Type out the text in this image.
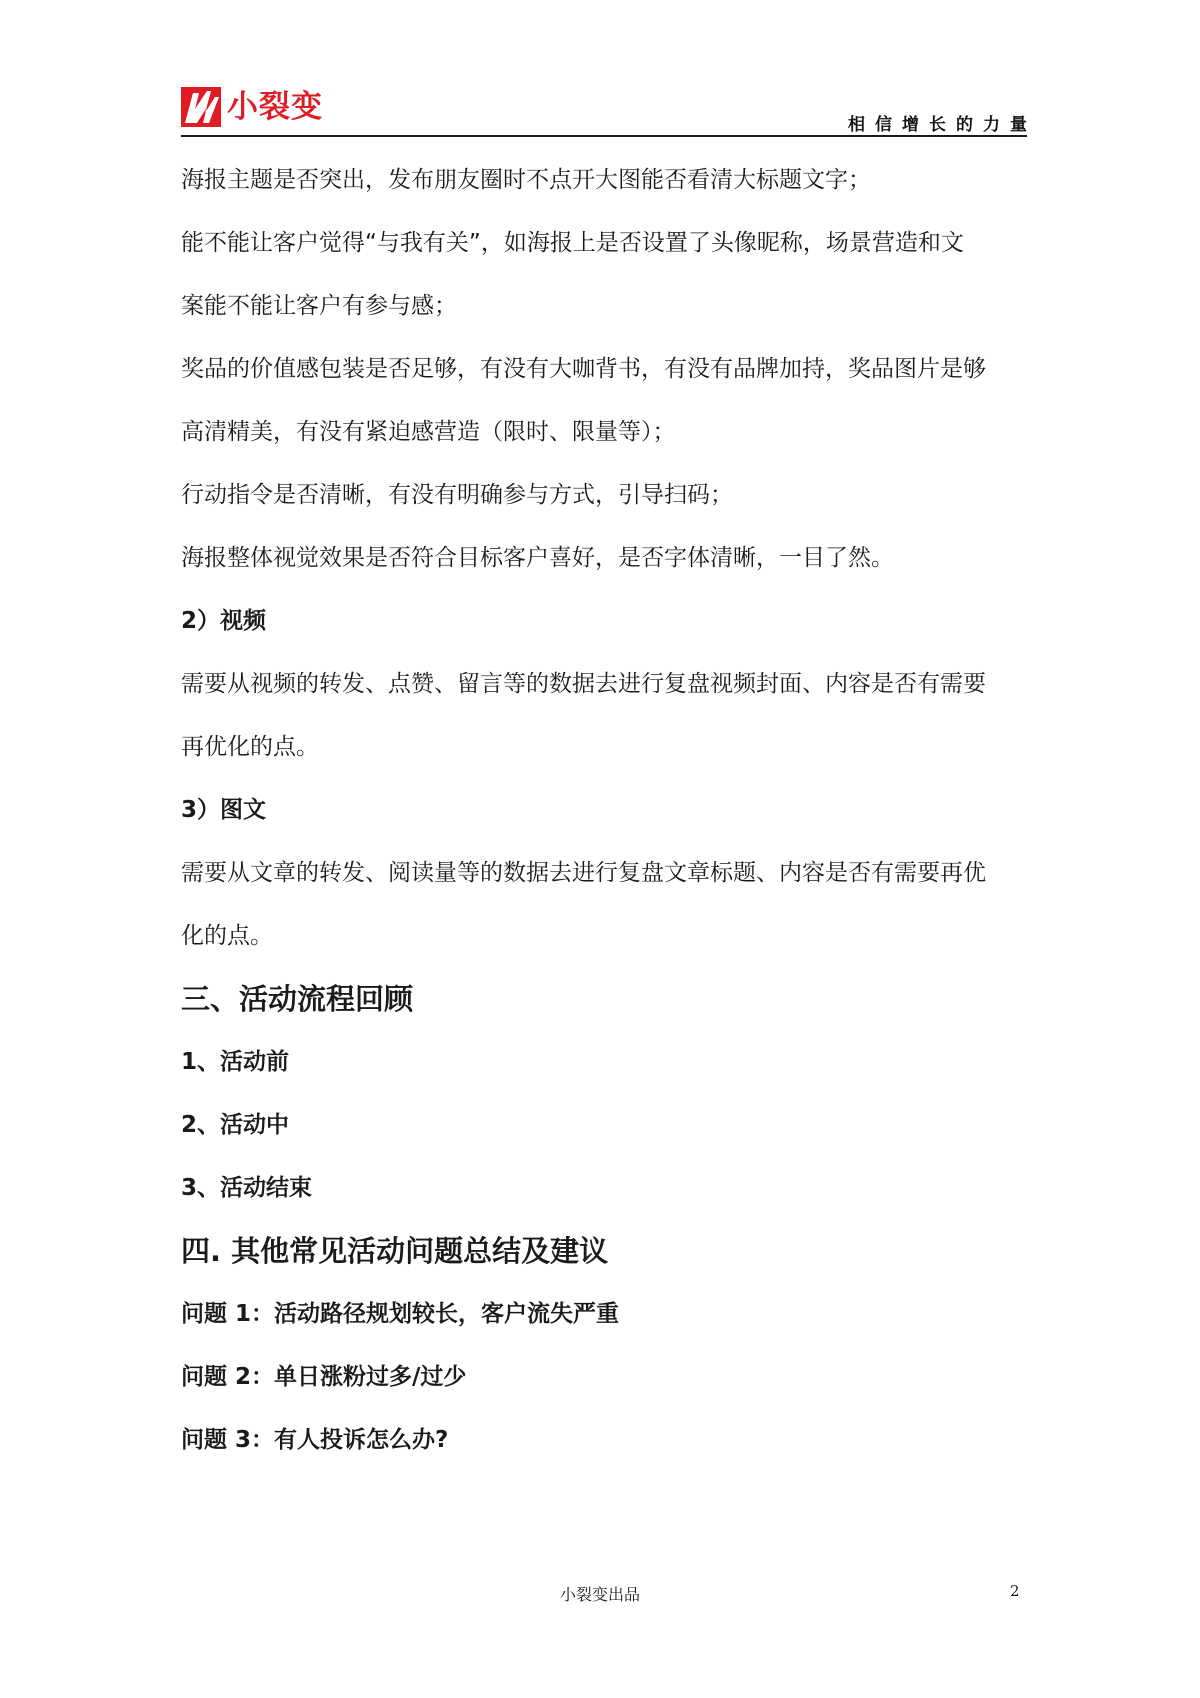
小裂变	相信增长的力量

海报主题是否突出，发布朋友圈时不点开大图能否看清大标题文字；

能不能让客户觉得“与我有关”，如海报上是否设置了头像昵称，场景营造和文

案能不能让客户有参与感；

奖品的价值感包装是否足够，有没有大咖背书，有没有品牌加持，奖品图片是够

高清精美，有没有紧迫感营造（限时、限量等）；

行动指令是否清晰，有没有明确参与方式，引导扫码；

海报整体视觉效果是否符合目标客户喜好，是否字体清晰，一目了然。

2）视频

需要从视频的转发、点赞、留言等的数据去进行复盘视频封面、内容是否有需要

再优化的点。

3）图文

需要从文章的转发、阅读量等的数据去进行复盘文章标题、内容是否有需要再优

化的点。

三、活动流程回顾

1、活动前

2、活动中

3、活动结束

四. 其他常见活动问题总结及建议

问题 1：活动路径规划较长，客户流失严重

问题 2：单日涨粉过多/过少

问题 3：有人投诉怎么办?

小裂变出品	2
